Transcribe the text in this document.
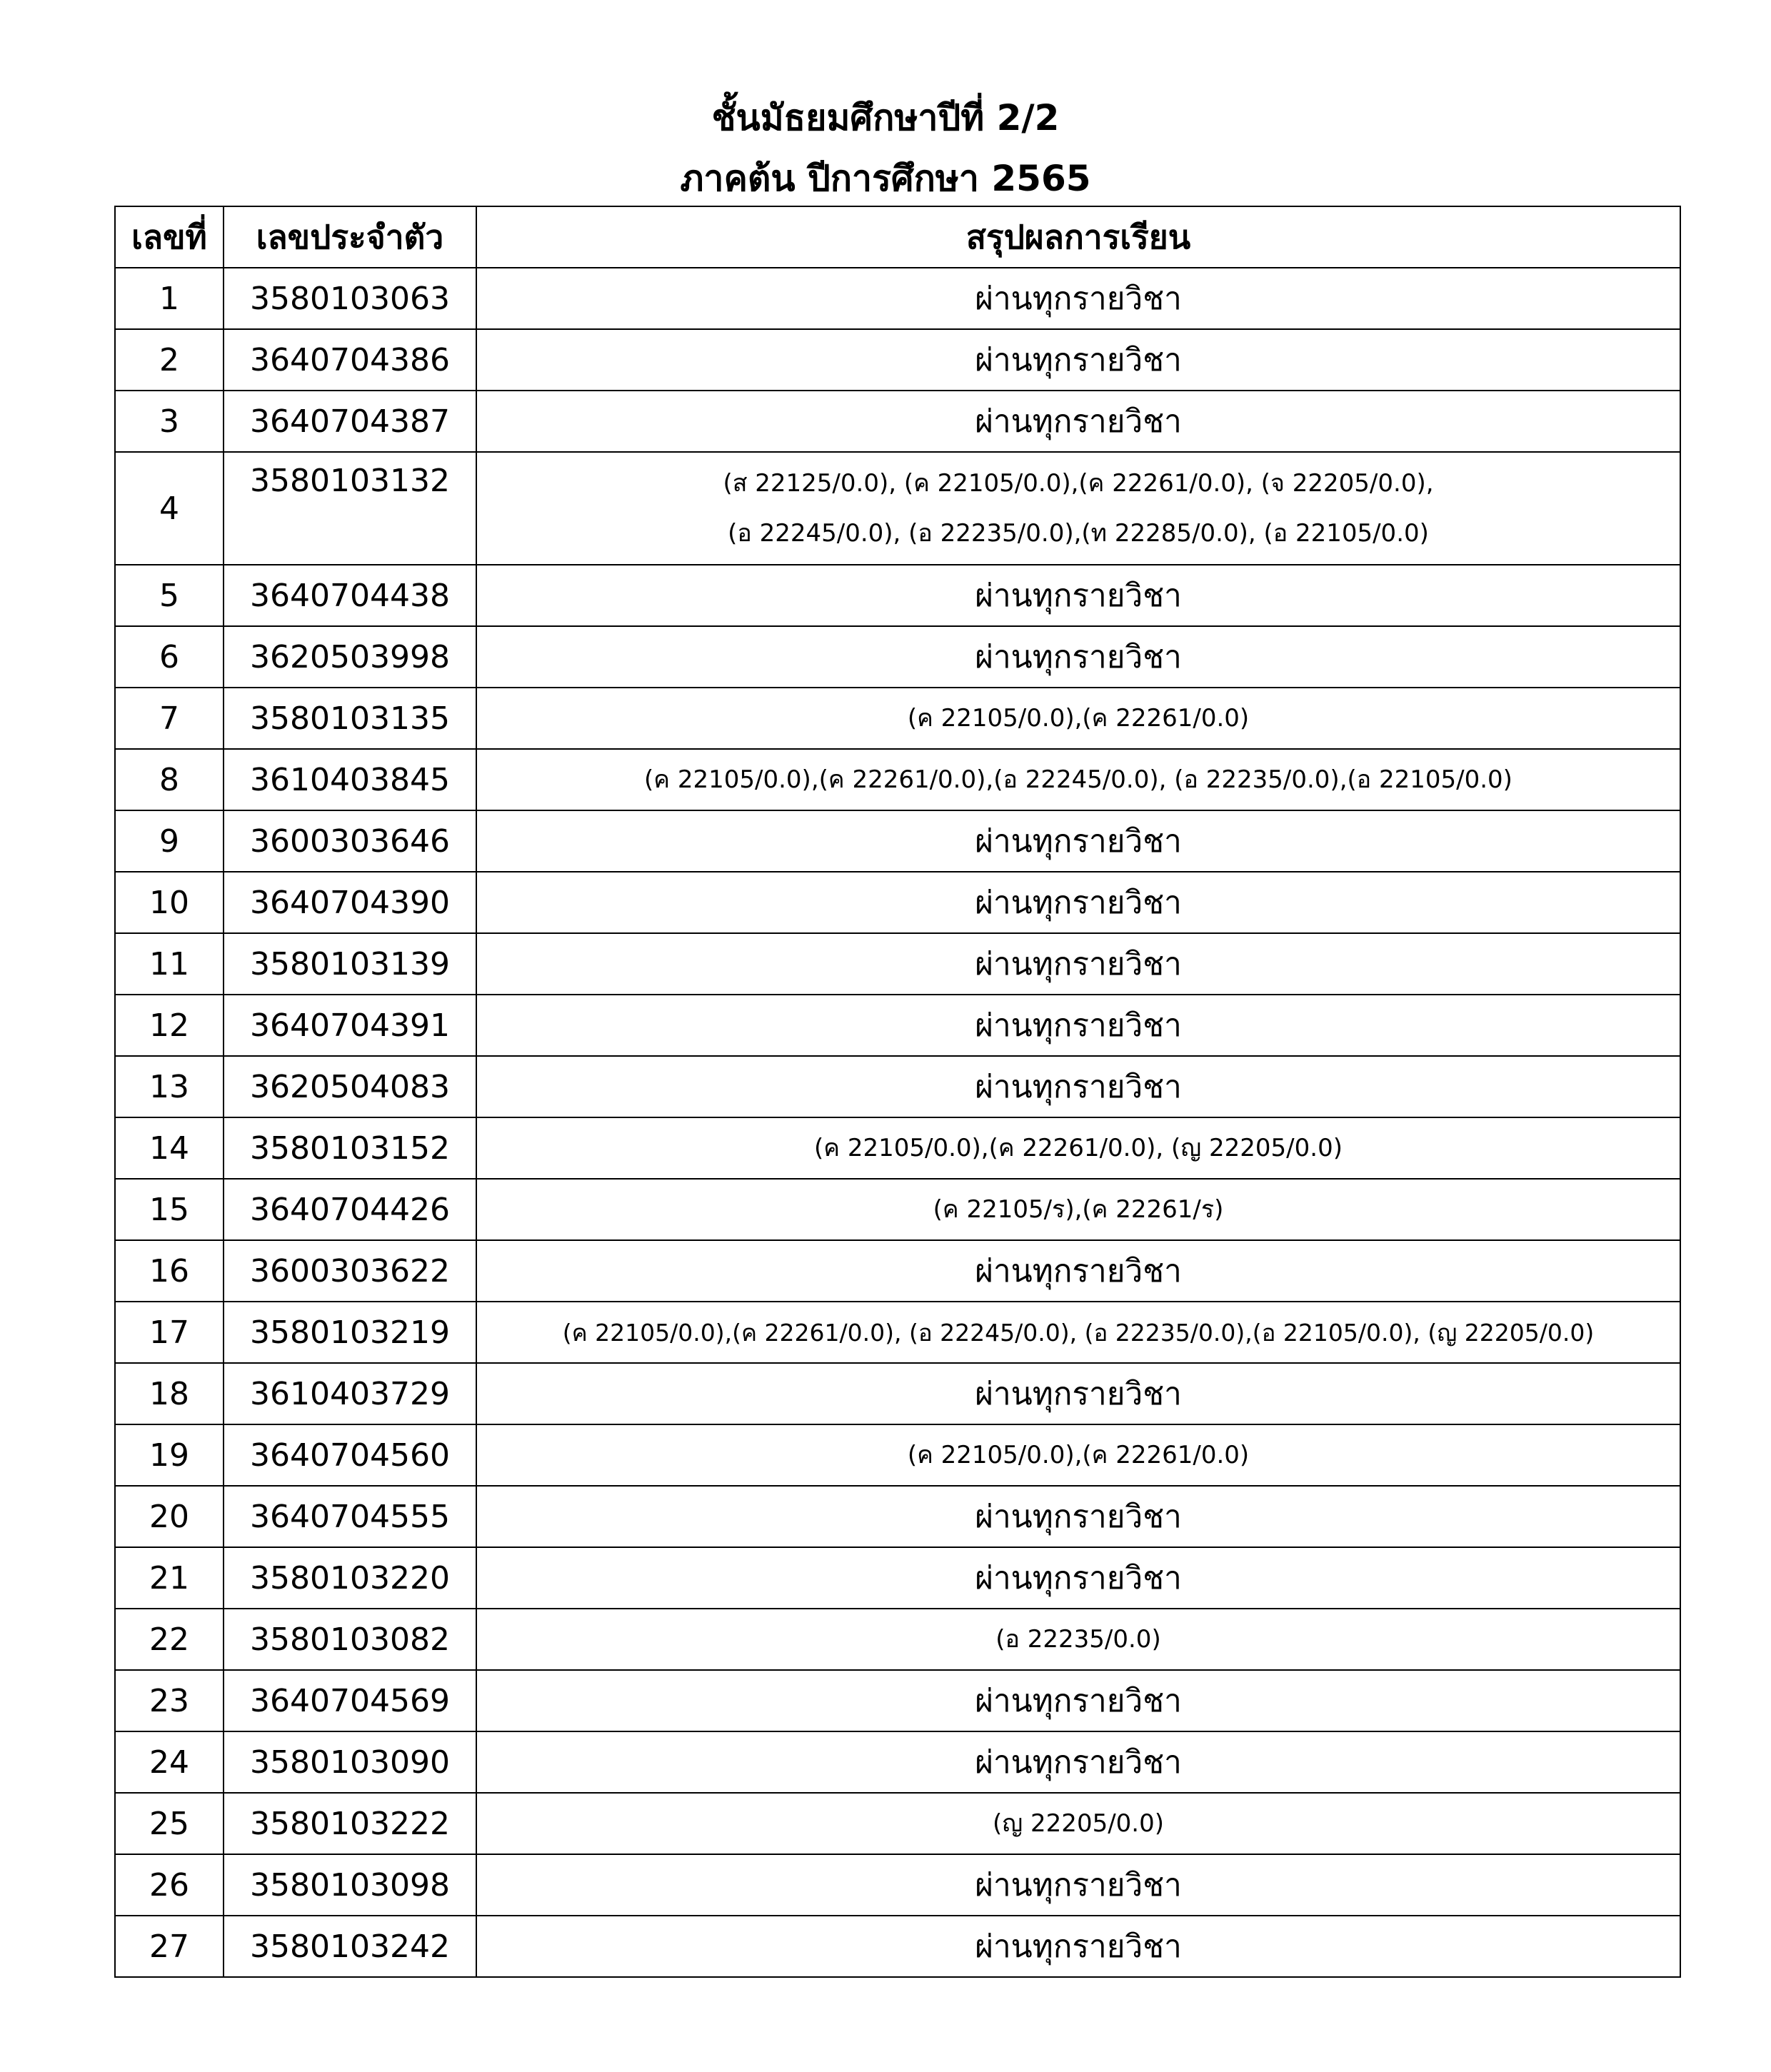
ชั้นมัธยมศึกษาปีที่ 2/2
ภาคต้น ปีการศึกษา 2565
เลขที่	เลขประจำตัว	สรุปผลการเรียน
1	3580103063	ผ่านทุกรายวิชา
2	3640704386	ผ่านทุกรายวิชา
3	3640704387	ผ่านทุกรายวิชา
4	3580103132	(ส 22125/0.0), (ค 22105/0.0),(ค 22261/0.0), (จ 22205/0.0),
(อ 22245/0.0), (อ 22235/0.0),(ท 22285/0.0), (อ 22105/0.0)

5	3640704438	ผ่านทุกรายวิชา
6	3620503998	ผ่านทุกรายวิชา
7	3580103135	(ค 22105/0.0),(ค 22261/0.0)
8	3610403845	(ค 22105/0.0),(ค 22261/0.0),(อ 22245/0.0), (อ 22235/0.0),(อ 22105/0.0)
9	3600303646	ผ่านทุกรายวิชา
10	3640704390	ผ่านทุกรายวิชา
11	3580103139	ผ่านทุกรายวิชา
12	3640704391	ผ่านทุกรายวิชา
13	3620504083	ผ่านทุกรายวิชา
14	3580103152	(ค 22105/0.0),(ค 22261/0.0), (ญ 22205/0.0)
15	3640704426	(ค 22105/ร),(ค 22261/ร)
16	3600303622	ผ่านทุกรายวิชา
17	3580103219	(ค 22105/0.0),(ค 22261/0.0), (อ 22245/0.0), (อ 22235/0.0),(อ 22105/0.0), (ญ 22205/0.0)
18	3610403729	ผ่านทุกรายวิชา
19	3640704560	(ค 22105/0.0),(ค 22261/0.0)
20	3640704555	ผ่านทุกรายวิชา
21	3580103220	ผ่านทุกรายวิชา
22	3580103082	(อ 22235/0.0)
23	3640704569	ผ่านทุกรายวิชา
24	3580103090	ผ่านทุกรายวิชา
25	3580103222	(ญ 22205/0.0)
26	3580103098	ผ่านทุกรายวิชา
27	3580103242	ผ่านทุกรายวิชา
